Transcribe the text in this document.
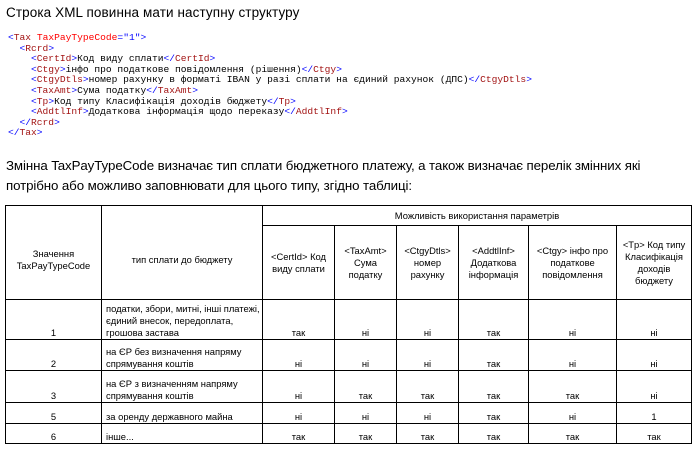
Строка XML повинна мати наступну структуру
<Tax TaxPayTypeCode="1">
<Rcrd>
<CertId>Код виду сплати</CertId>
<Ctgy>інфо про податкове повідомлення (рішення)</Ctgy>
<CtgyDtls>номер рахунку в форматі IBAN у разі сплати на єдиний рахунок (ДПС)</CtgyDtls>
<TaxAmt>Сума податку</TaxAmt>
<Tp>Код типу Класифікація доходів бюджету</Tp>
<AddtlInf>Додаткова інформація щодо переказу</AddtlInf>
</Rcrd>
</Tax>
Змінна TaxPayTypeCode визначає тип сплати бюджетного платежу, а також визначає перелік змінних які потрібно або можливо заповнювати для цього типу, згідно таблиці:
Значення TaxPayTypeCode	тип сплати до бюджету	Можливість використання параметрів					
		<CertId> Код виду сплати	<TaxAmt> Сума податку	<CtgyDtls> номер рахунку	<AddtlInf> Додаткова інформація	<Ctgy> інфо про податкове повідомлення	<Tp> Код типу Класифікація доходів бюджету
1	податки, збори, митні, інші платежі, єдиний внесок, передоплата, грошова застава	так	ні	ні	так	ні	ні
2	на ЄР без визначення напряму спрямування коштів	ні	ні	ні	так	ні	ні
3	на ЄР з визначенням напряму спрямування коштів	ні	так	так	так	так	ні
5	за оренду державного майна	ні	ні	ні	так	ні	1
6	інше...	так	так	так	так	так	так
